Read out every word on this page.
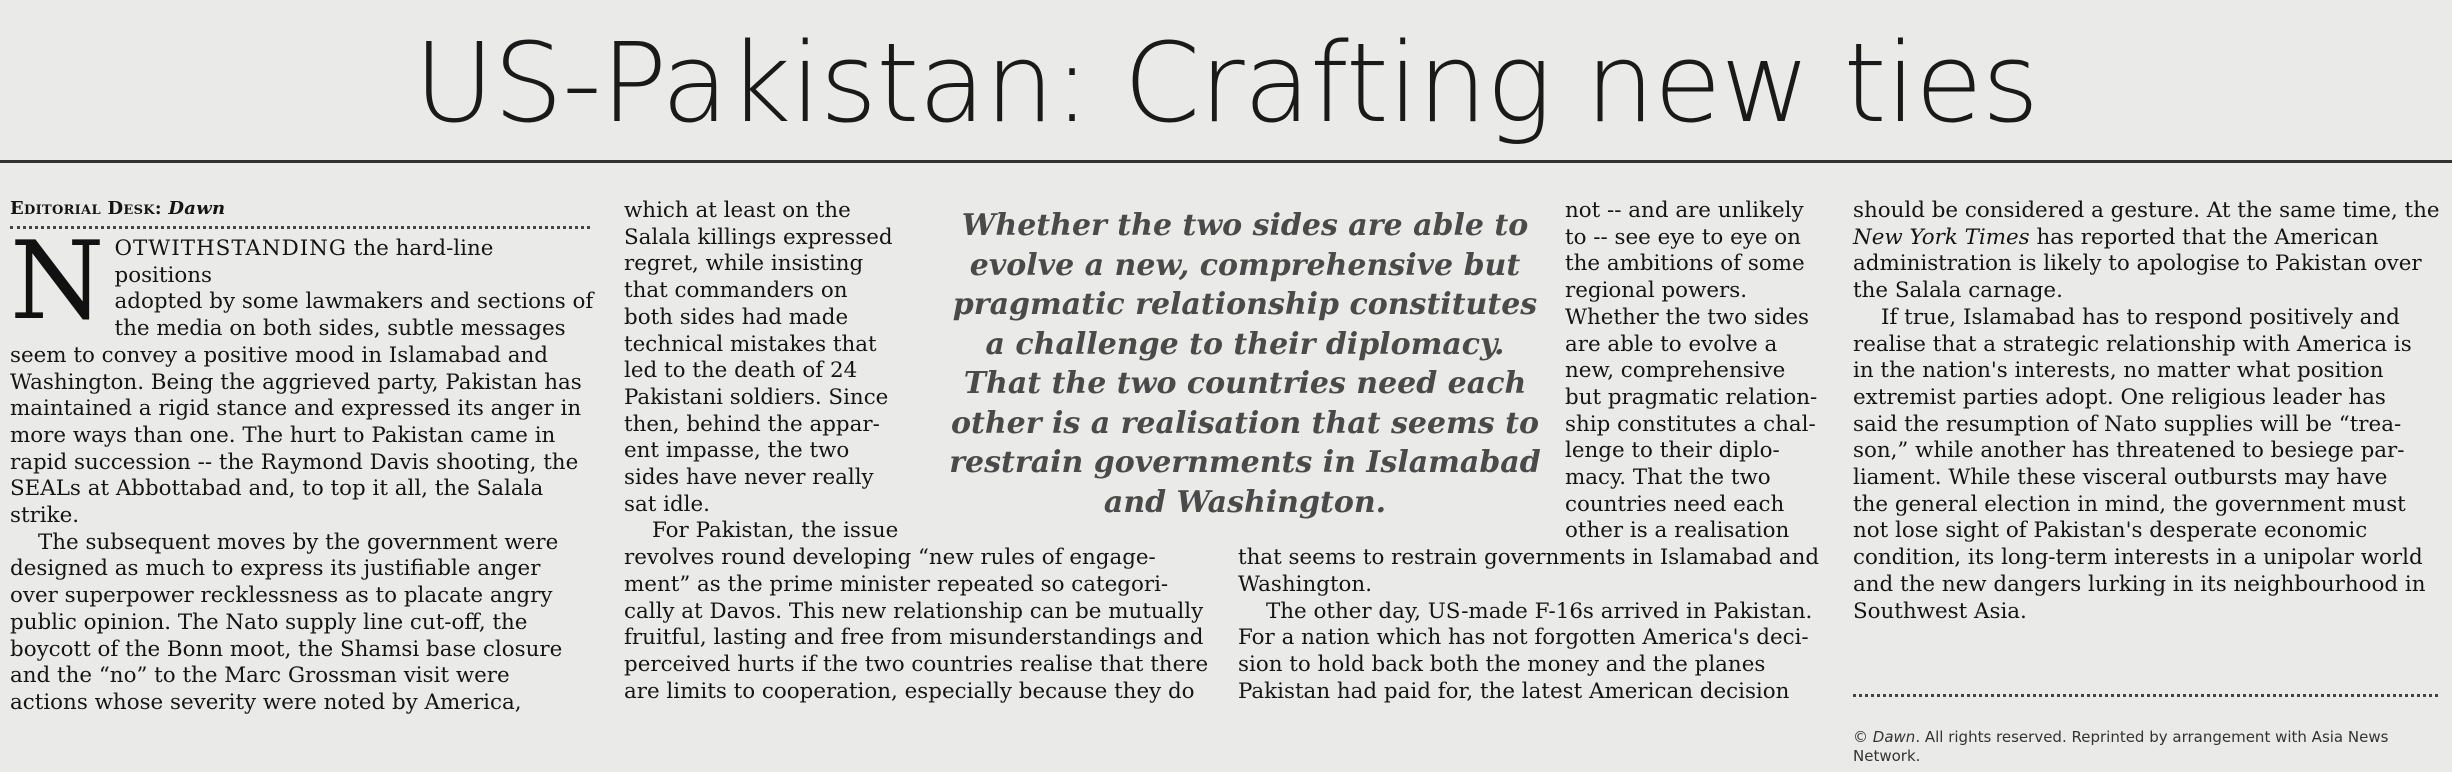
US-Pakistan: Crafting new ties
Editorial Desk: Dawn

NOTWITHSTANDING the hard-line positions
adopted by some lawmakers and sections of
the media on both sides, subtle messages
seem to convey a positive mood in Islamabad and
Washington. Being the aggrieved party, Pakistan has
maintained a rigid stance and expressed its anger in
more ways than one. The hurt to Pakistan came in
rapid succession -- the Raymond Davis shooting, the
SEALs at Abbottabad and, to top it all, the Salala
strike.
The subsequent moves by the government were
designed as much to express its justifiable anger
over superpower recklessness as to placate angry
public opinion. The Nato supply line cut-off, the
boycott of the Bonn moot, the Shamsi base closure
and the “no” to the Marc Grossman visit were
actions whose severity were noted by America,

which at least on the
Salala killings expressed
regret, while insisting
that commanders on
both sides had made
technical mistakes that
led to the death of 24
Pakistani soldiers. Since
then, behind the appar-
ent impasse, the two
sides have never really
sat idle.
Whether the two sides are able to
evolve a new, comprehensive but
pragmatic relationship constitutes
a challenge to their diplomacy.
That the two countries need each
other is a realisation that seems to
restrain governments in Islamabad
and Washington.
not -- and are unlikely
to -- see eye to eye on
the ambitions of some
regional powers.
Whether the two sides
are able to evolve a
new, comprehensive
but pragmatic relation-
ship constitutes a chal-
lenge to their diplo-
macy. That the two
countries need each
other is a realisation
should be considered a gesture. At the same time, the
New York Times has reported that the American
administration is likely to apologise to Pakistan over
the Salala carnage.
If true, Islamabad has to respond positively and
realise that a strategic relationship with America is
in the nation's interests, no matter what position
extremist parties adopt. One religious leader has
said the resumption of Nato supplies will be “trea-
son,” while another has threatened to besiege par-
liament. While these visceral outbursts may have
the general election in mind, the government must
not lose sight of Pakistan's desperate economic
condition, its long-term interests in a unipolar world
and the new dangers lurking in its neighbourhood in
Southwest Asia.
© Dawn. All rights reserved. Reprinted by arrangement with Asia News Network.
that seems to restrain governments in Islamabad and
Washington.
The other day, US-made F-16s arrived in Pakistan.
For a nation which has not forgotten America's deci-
sion to hold back both the money and the planes
Pakistan had paid for, the latest American decision
For Pakistan, the issue
revolves round developing “new rules of engage-
ment” as the prime minister repeated so categori-
cally at Davos. This new relationship can be mutually
fruitful, lasting and free from misunderstandings and
perceived hurts if the two countries realise that there
are limits to cooperation, especially because they do
